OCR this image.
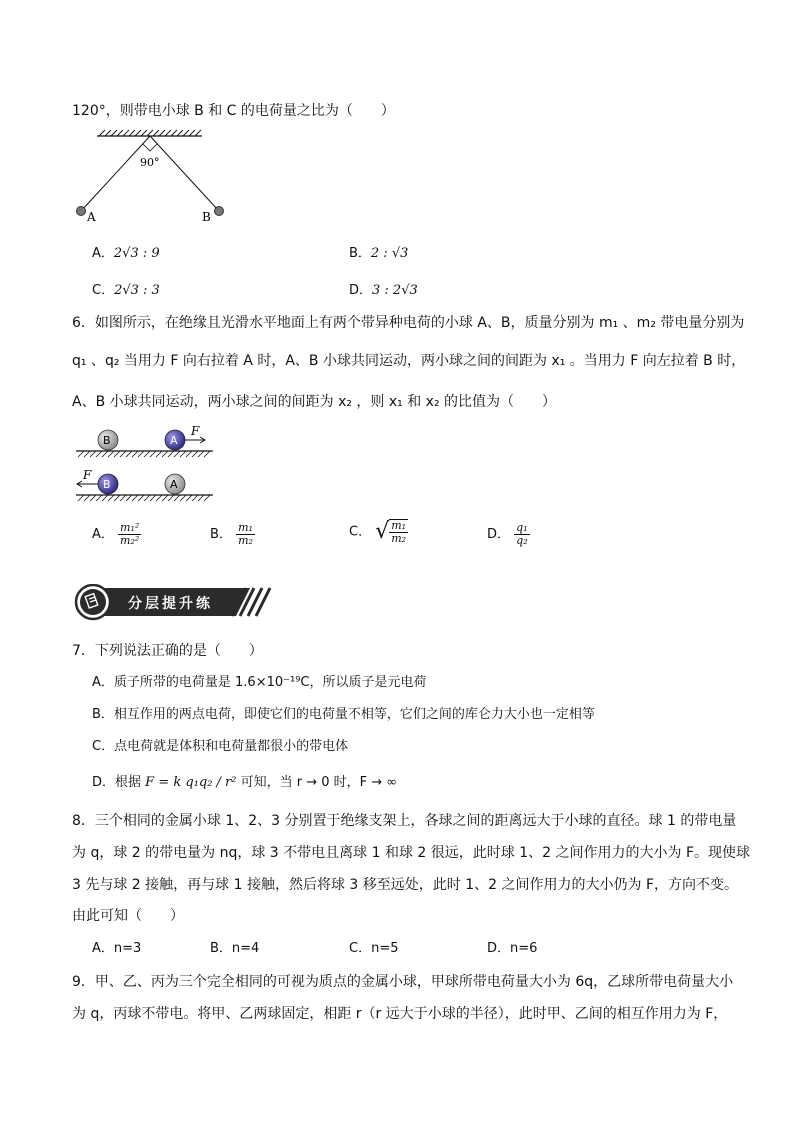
120°，则带电小球 B 和 C 的电荷量之比为（　　）
90°
A	B
A．2√3 : 9	B．2 : √3
C．2√3 : 3	D．3 : 2√3
6．如图所示，在绝缘且光滑水平地面上有两个带异种电荷的小球 A、B，质量分别为 m₁ 、m₂ 带电量分别为
q₁ 、q₂ 当用力 F 向右拉着 A 时，A、B 小球共同运动，两小球之间的间距为 x₁ 。当用力 F 向左拉着 B 时，
A、B 小球共同运动，两小球之间的间距为 x₂ ，则 x₁ 和 x₂ 的比值为（　　）
B	A
F
B
F
A
A． $\frac{\text{m₁²}}{\text{m₂²}}$	B． $\frac{\text{m₁}}{\text{m₂}}$	C． √ $\frac{\text{m₁}}{\text{m₂}}$	D． $\frac{\text{q₁}}{\text{q₂}}$
分层提升练
7．下列说法正确的是（　　）
A．质子所带的电荷量是 1.6×10⁻¹⁹C，所以质子是元电荷
B．相互作用的两点电荷，即使它们的电荷量不相等，它们之间的库仑力大小也一定相等
C．点电荷就是体积和电荷量都很小的带电体
D．根据 F = k q₁q₂ / r² 可知，当 r → 0 时，F → ∞
8．三个相同的金属小球 1、2、3 分别置于绝缘支架上，各球之间的距离远大于小球的直径。球 1 的带电量
为 q，球 2 的带电量为 nq，球 3 不带电且离球 1 和球 2 很远，此时球 1、2 之间作用力的大小为 F。现使球
3 先与球 2 接触，再与球 1 接触，然后将球 3 移至远处，此时 1、2 之间作用力的大小仍为 F，方向不变。
由此可知（　　）
A．n=3	B．n=4	C．n=5	D．n=6
9．甲、乙、丙为三个完全相同的可视为质点的金属小球，甲球所带电荷量大小为 6q，乙球所带电荷量大小
为 q，丙球不带电。将甲、乙两球固定，相距 r（r 远大于小球的半径），此时甲、乙间的相互作用力为 F，
